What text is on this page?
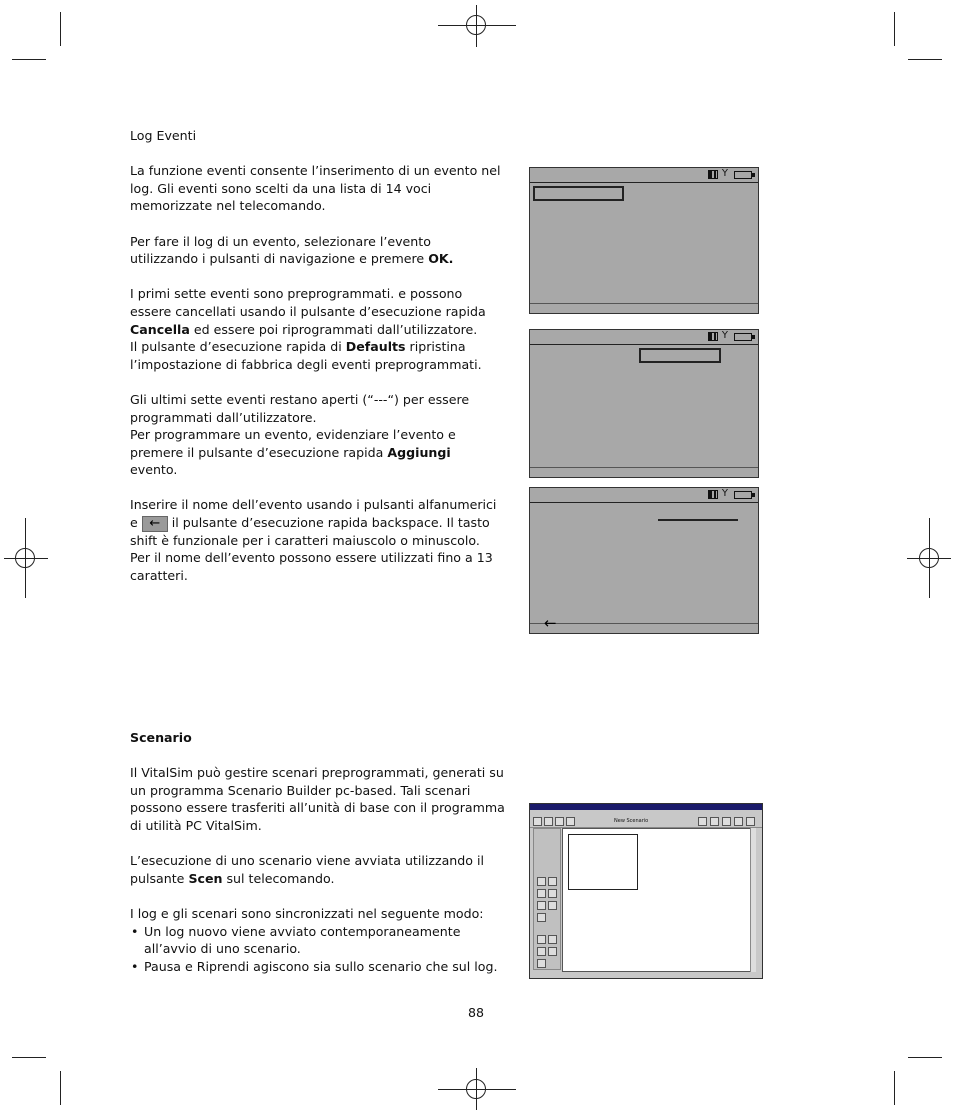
Log Eventi

La funzione eventi consente l’inserimento di un evento nel log. Gli eventi sono scelti da una lista di 14 voci memorizzate nel telecomando.

Per fare il log di un evento, selezionare l’evento utilizzando i pulsanti di navigazione e premere OK.

I primi sette eventi sono preprogrammati. e possono essere cancellati usando il pulsante d’esecuzione rapida Cancella ed essere poi riprogrammati dall’utilizzatore.

Il pulsante d’esecuzione rapida di Defaults ripristina l’impostazione di fabbrica degli eventi preprogrammati.

Gli ultimi sette eventi restano aperti (“---“) per essere programmati dall’utilizzatore.

Per programmare un evento, evidenziare l’evento e premere il pulsante d’esecuzione rapida Aggiungi evento.

Inserire il nome dell’evento usando i pulsanti alfanumerici e ← il pulsante d’esecuzione rapida backspace. Il tasto shift è funzionale per i caratteri maiuscolo o minuscolo. Per il nome dell’evento possono essere utilizzati fino a 13 caratteri.

Y
Y
Y
←

Scenario

Il VitalSim può gestire scenari preprogrammati, generati su un programma Scenario Builder pc-based. Tali scenari possono essere trasferiti all’unità di base con il programma di utilità PC VitalSim.

L’esecuzione di uno scenario viene avviata utilizzando il pulsante Scen sul telecomando.

I log e gli scenari sono sincronizzati nel seguente modo:

• Un log nuovo viene avviato contemporaneamente all’avvio di uno scenario.
• Pausa e Riprendi agiscono sia sullo scenario che sul log.
New Scenario
88
